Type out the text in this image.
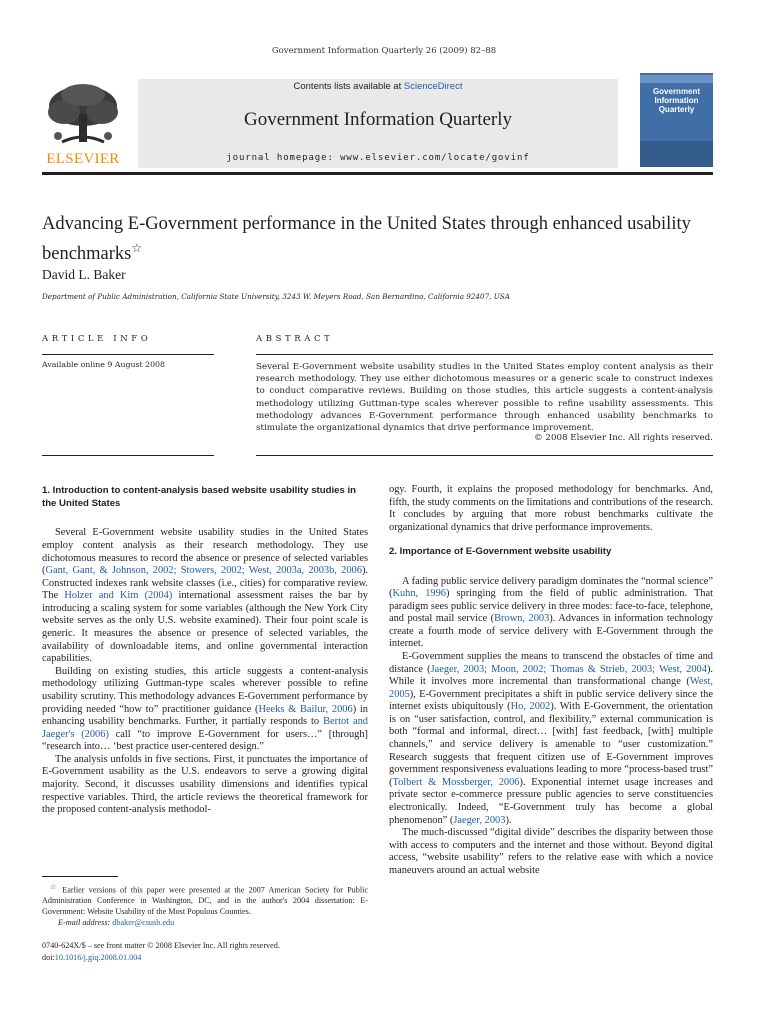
Government Information Quarterly 26 (2009) 82–88
ELSEVIER
Contents lists available at ScienceDirect
Government Information Quarterly
journal homepage: www.elsevier.com/locate/govinf
Government
Information
Quarterly
Advancing E-Government performance in the United States through enhanced usability benchmarks☆
David L. Baker
Department of Public Administration, California State University, 3243 W. Meyers Road, San Bernardino, California 92407, USA
ARTICLE INFO	ABSTRACT
Available online 9 August 2008	Several E-Government website usability studies in the United States employ content analysis as their research methodology. They use either dichotomous measures or a generic scale to construct indexes to conduct comparative reviews. Building on those studies, this article suggests a content-analysis methodology utilizing Guttman-type scales wherever possible to refine usability assessments. This methodology advances E-Government performance through enhanced usability benchmarks to stimulate the organizational dynamics that drive performance improvement.
© 2008 Elsevier Inc. All rights reserved.
1. Introduction to content-analysis based website usability studies in the United States

Several E-Government website usability studies in the United States employ content analysis as their research methodology. They use dichotomous measures to record the absence or presence of selected variables (Gant, Gant, & Johnson, 2002; Stowers, 2002; West, 2003a, 2003b, 2006). Constructed indexes rank website classes (i.e., cities) for comparative review. The Holzer and Kim (2004) international assessment raises the bar by introducing a scaling system for some variables (although the New York City website serves as the only U.S. website examined). Their four point scale is generic. It measures the absence or presence of selected variables, the availability of downloadable items, and online governmental interaction capabilities.

Building on existing studies, this article suggests a content-analysis methodology utilizing Guttman-type scales wherever possible to refine usability scrutiny. This methodology advances E-Government performance by providing needed “how to” practitioner guidance (Heeks & Bailur, 2006) in enhancing usability benchmarks. Further, it partially responds to Bertot and Jaeger's (2006) call “to improve E-Government for users…” [through] “research into… ‘best practice user-centered design.”

The analysis unfolds in five sections. First, it punctuates the importance of E-Government usability as the U.S. endeavors to serve a growing digital majority. Second, it discusses usability dimensions and identifies typical respective variables. Third, the article reviews the theoretical framework for the proposed content-analysis methodol-

ogy. Fourth, it explains the proposed methodology for benchmarks. And, fifth, the study comments on the limitations and contributions of the research. It concludes by arguing that more robust benchmarks cultivate the organizational dynamics that drive performance improvements.

2. Importance of E-Government website usability

A fading public service delivery paradigm dominates the “normal science” (Kuhn, 1996) springing from the field of public administration. That paradigm sees public service delivery in three modes: face-to-face, telephone, and postal mail service (Brown, 2003). Advances in information technology create a fourth mode of service delivery with E-Government through the internet.

E-Government supplies the means to transcend the obstacles of time and distance (Jaeger, 2003; Moon, 2002; Thomas & Strieb, 2003; West, 2004). While it involves more incremental than transformational change (West, 2005), E-Government precipitates a shift in public service delivery since the internet exists ubiquitously (Ho, 2002). With E-Government, the orientation is on “user satisfaction, control, and flexibility,” external communication is both “formal and informal, direct… [with] fast feedback, [with] multiple channels,” and service delivery is amenable to “user customization.” Research suggests that frequent citizen use of E-Government improves government responsiveness evaluations leading to more “process-based trust” (Tolbert & Mossberger, 2006). Exponential internet usage increases and private sector e-commerce pressure public agencies to serve constituencies electronically. Indeed, “E-Government truly has become a global phenomenon” (Jaeger, 2003).

The much-discussed “digital divide” describes the disparity between those with access to computers and the internet and those without. Beyond digital access, “website usability” refers to the relative ease with which a novice maneuvers around an actual website

☆ Earlier versions of this paper were presented at the 2007 American Society for Public Administration Conference in Washington, DC, and in the author's 2004 dissertation: E-Government: Website Usability of the Most Populous Counties.

E-mail address: dbaker@csusb.edu
0740-624X/$ – see front matter © 2008 Elsevier Inc. All rights reserved.
doi:10.1016/j.giq.2008.01.004
